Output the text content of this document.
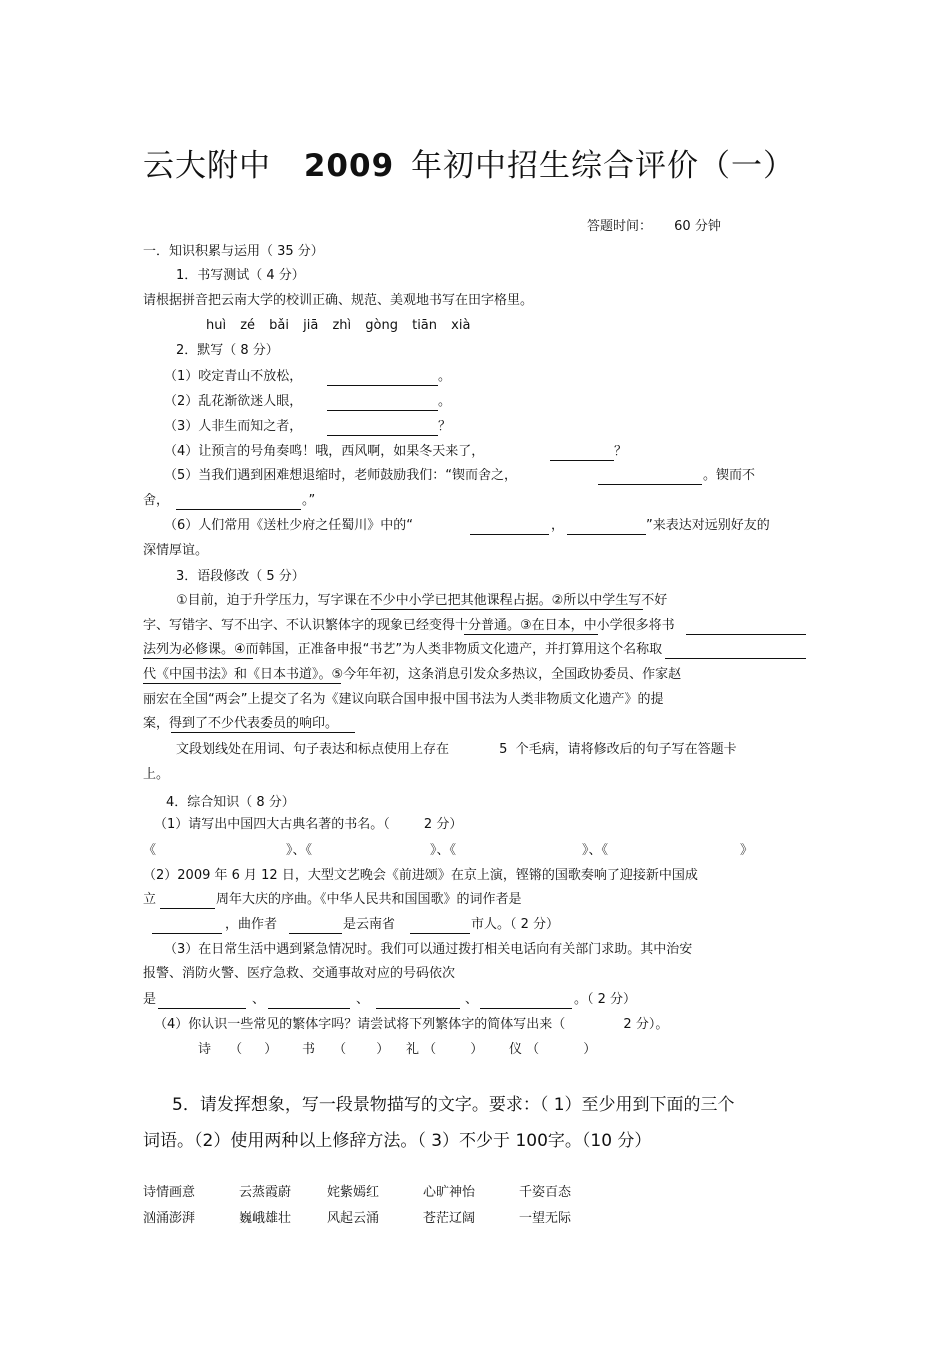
云大附中 2009 年初中招生综合评价（一）
答题时间： 60 分钟
一．知识积累与运用（ 35 分）
1．书写测试（ 4 分）
请根据拼音把云南大学的校训正确、规范、美观地书写在田字格里。
huì zé bǎi jiā zhì gòng tiān xià
2．默写（ 8 分）
（1）咬定青山不放松，	。
（2）乱花渐欲迷人眼，	。
（3）人非生而知之者，	？
（4）让预言的号角奏鸣！哦，西风啊，如果冬天来了，	？
（5）当我们遇到困难想退缩时，老师鼓励我们：“锲而舍之，	。锲而不
舍，	。”
（6）人们常用《送杜少府之任蜀川》中的“	，	”来表达对远别好友的
深情厚谊。
3．语段修改（ 5 分）
①目前，迫于升学压力，写字课在不少中小学已把其他课程占据。②所以中学生写不好
字、写错字、写不出字、不认识繁体字的现象已经变得十分普通。③在日本，中小学很多将书
法列为必修课。④而韩国，正准备申报“书艺”为人类非物质文化遗产，并打算用这个名称取
代《中国书法》和《日本书道》。⑤今年年初，这条消息引发众多热议，全国政协委员、作家赵
丽宏在全国“两会”上提交了名为《建议向联合国申报中国书法为人类非物质文化遗产》的提
案，得到了不少代表委员的响印。
文段划线处在用词、句子表达和标点使用上存在	5 个毛病，请将修改后的句子写在答题卡
上。
4．综合知识（ 8 分）
（1）请写出中国四大古典名著的书名。（	2 分）
《	》、《	》、《	》、《	》
（2）2009 年 6 月 12 日，大型文艺晚会《前进颂》在京上演，铿锵的国歌奏响了迎接新中国成
立	周年大庆的序曲。《中华人民共和国国歌》的词作者是
，曲作者	是云南省	市人。（ 2 分）
（3）在日常生活中遇到紧急情况时。我们可以通过拨打相关电话向有关部门求助。其中治安
报警、消防火警、医疗急救、交通事故对应的号码依次
是	、	、	、	。（ 2 分）
（4）你认识一些常见的繁体字吗？请尝试将下列繁体字的简体写出来（	2 分）。
诗 （ ） 书 （ ） 礼 （ ） 仪 （ ）
5．请发挥想象，写一段景物描写的文字。要求：（ 1）至少用到下面的三个
词语。（2）使用两种以上修辞方法。（ 3）不少于 100字。（10 分）
诗情画意	云蒸霞蔚	姹紫嫣红	心旷神怡	千姿百态
汹涌澎湃	巍峨雄壮	风起云涌	苍茫辽阔	一望无际
